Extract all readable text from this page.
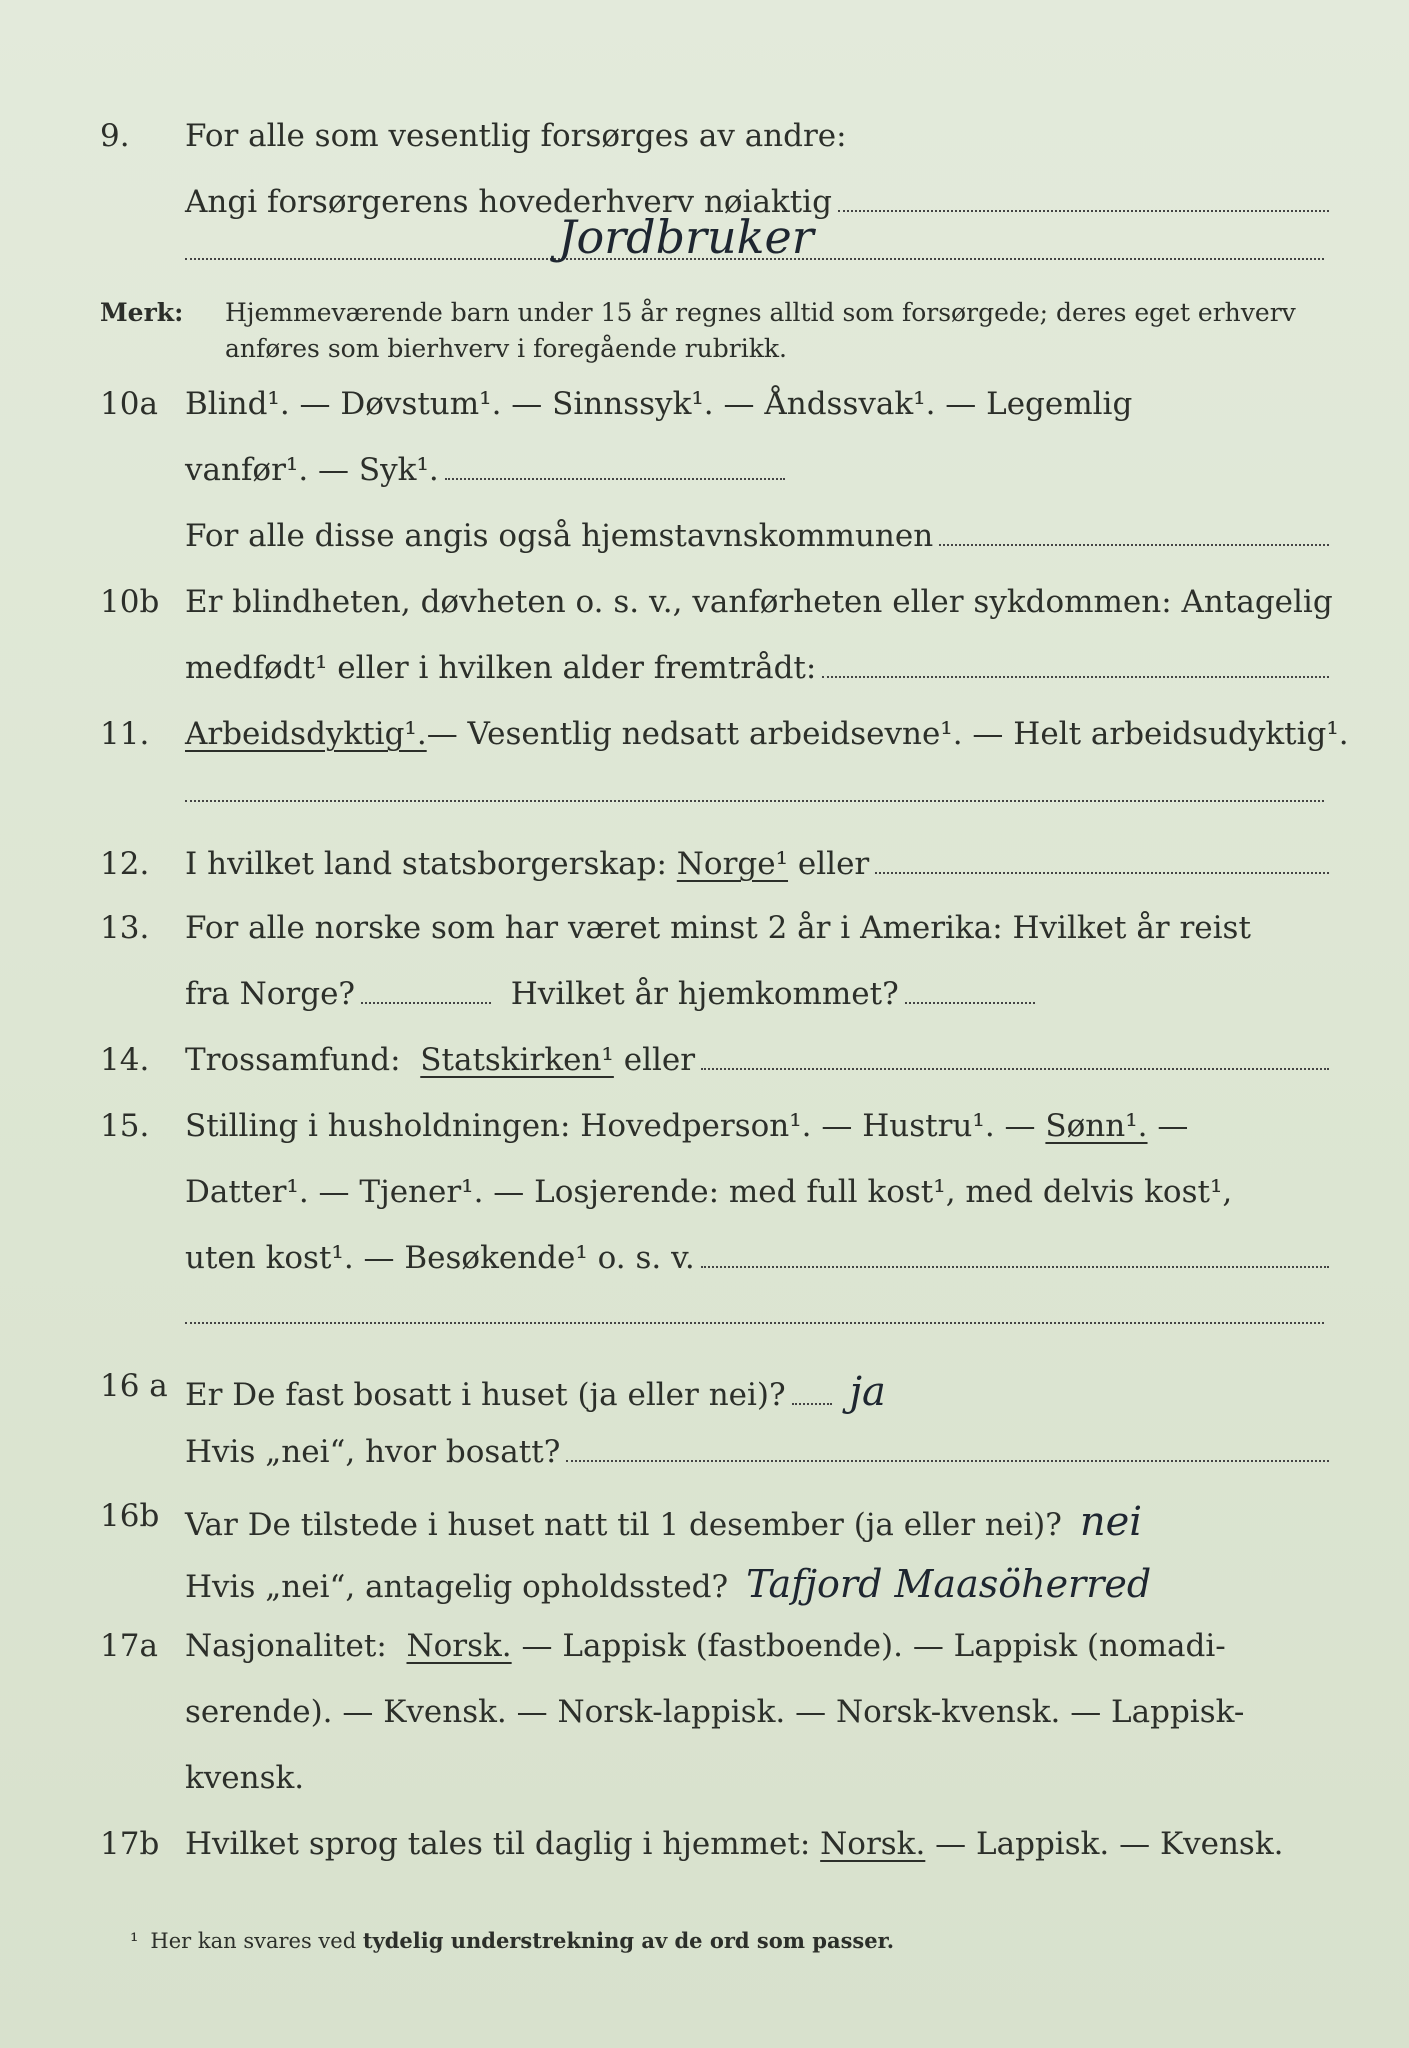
9.	For alle som vesentlig forsørges av andre:
Angi forsørgerens hovederhverv nøiaktig
Jordbruker
Merk: Hjemmeværende barn under 15 år regnes alltid som forsørgede; deres eget erhverv
anføres som bierhverv i foregående rubrikk.
10a Blind¹. — Døvstum¹. — Sinnssyk¹. — Åndssvak¹. — Legemlig
vanfør¹. — Syk¹.
For alle disse angis også hjemstavnskommunen
10b Er blindheten, døvheten o. s. v., vanførheten eller sykdommen: Antagelig
medfødt¹ eller i hvilken alder fremtrådt:
11.	Arbeidsdyktig¹. — Vesentlig nedsatt arbeidsevne¹. — Helt arbeidsudyktig¹.
12.	I hvilket land statsborgerskap:
Norge¹
eller
13.	For alle norske som har været minst 2 år i Amerika: Hvilket år reist
fra Norge?
	Hvilket år hjemkommet?
14.	Trossamfund:
Statskirken¹
eller
15.	Stilling i husholdningen: Hovedperson¹. — Hustru¹. —
Sønn¹.
—
Datter¹. — Tjener¹. — Losjerende: med full kost¹, med delvis kost¹,
uten kost¹. — Besøkende¹ o. s. v.
16 a Er De fast bosatt i huset (ja eller nei)? ja
Hvis „nei“, hvor bosatt?
16b Var De tilstede i huset natt til 1 desember (ja eller nei)? nei
Hvis „nei“, antagelig opholdssted? Tafjord Maasöherred
17a Nasjonalitet:
Norsk.
— Lappisk (fastboende). — Lappisk (nomadi-
serende). — Kvensk. — Norsk-lappisk. — Norsk-kvensk. — Lappisk-
kvensk.
17b Hvilket sprog tales til daglig i hjemmet:
Norsk.
— Lappisk. — Kvensk.
¹ Her kan svares ved tydelig understrekning av de ord som passer.
